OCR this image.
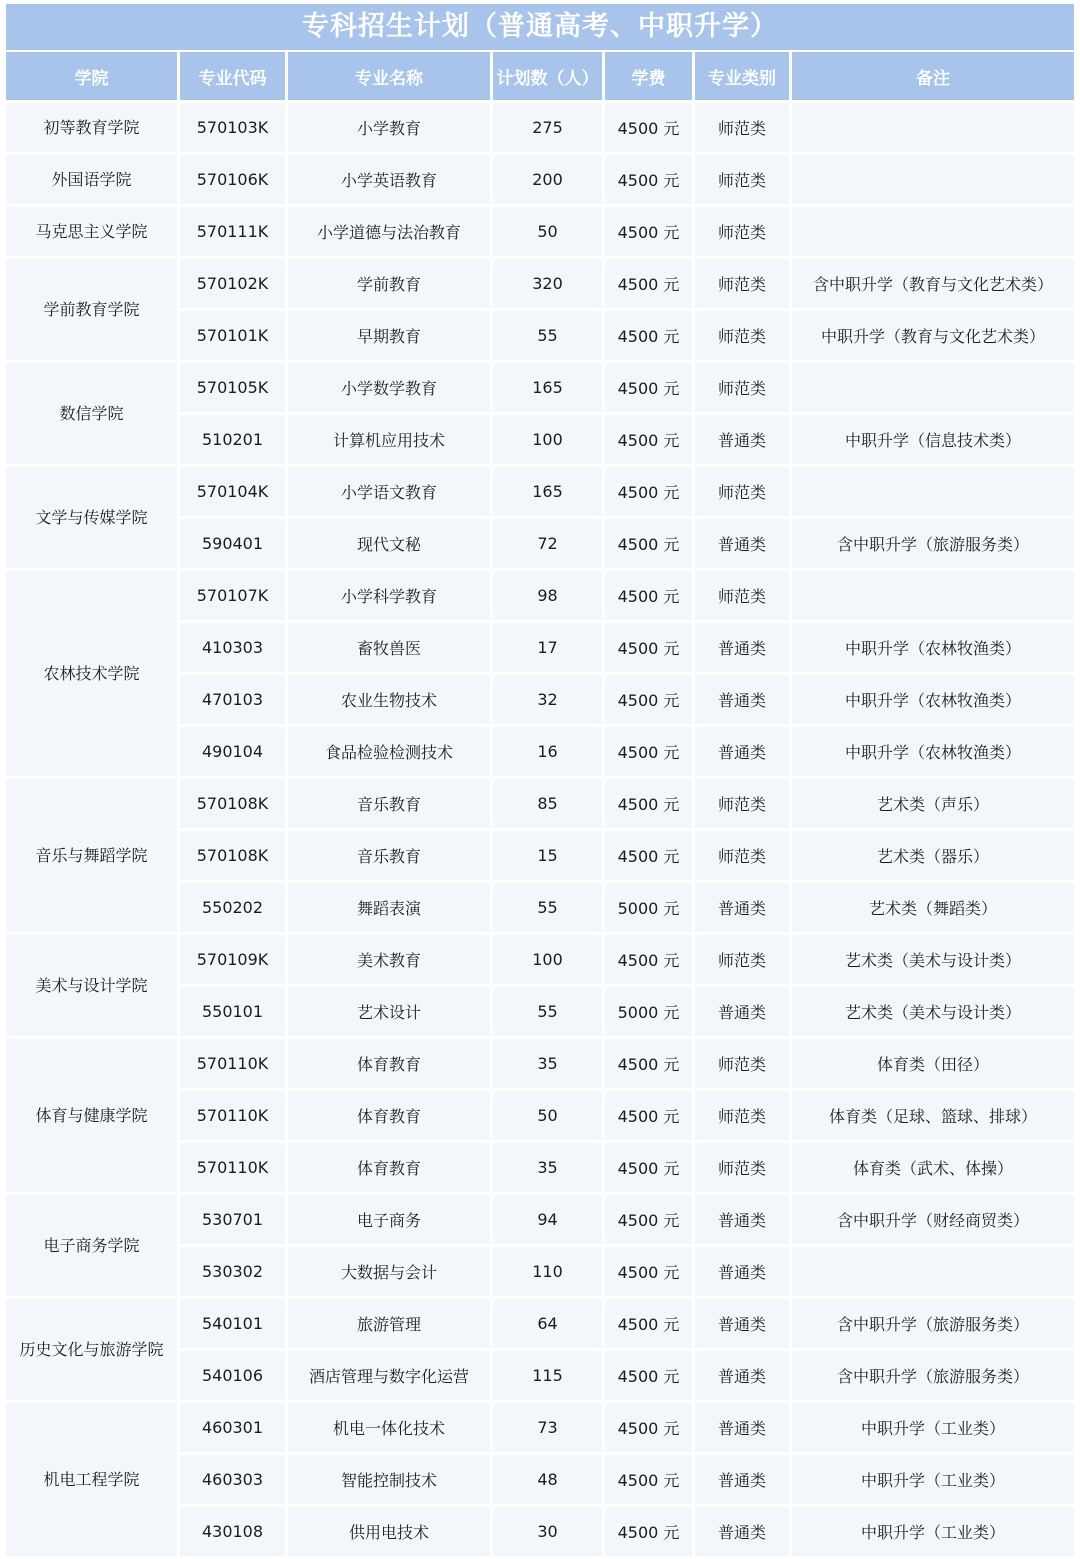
专科招生计划（普通高考、中职升学）
学院	专业代码	专业名称	计划数（人）	学费	专业类别	备注
初等教育学院	570103K	小学教育	275	4500 元	师范类	
外国语学院	570106K	小学英语教育	200	4500 元	师范类	
马克思主义学院	570111K	小学道德与法治教育	50	4500 元	师范类	
学前教育学院	570102K	学前教育	320	4500 元	师范类	含中职升学（教育与文化艺术类）
	570101K	早期教育	55	4500 元	师范类	中职升学（教育与文化艺术类）
数信学院	570105K	小学数学教育	165	4500 元	师范类	
	510201	计算机应用技术	100	4500 元	普通类	中职升学（信息技术类）
文学与传媒学院	570104K	小学语文教育	165	4500 元	师范类	
	590401	现代文秘	72	4500 元	普通类	含中职升学（旅游服务类）
农林技术学院	570107K	小学科学教育	98	4500 元	师范类	
	410303	畜牧兽医	17	4500 元	普通类	中职升学（农林牧渔类）
	470103	农业生物技术	32	4500 元	普通类	中职升学（农林牧渔类）
	490104	食品检验检测技术	16	4500 元	普通类	中职升学（农林牧渔类）
音乐与舞蹈学院	570108K	音乐教育	85	4500 元	师范类	艺术类（声乐）
	570108K	音乐教育	15	4500 元	师范类	艺术类（器乐）
	550202	舞蹈表演	55	5000 元	普通类	艺术类（舞蹈类）
美术与设计学院	570109K	美术教育	100	4500 元	师范类	艺术类（美术与设计类）
	550101	艺术设计	55	5000 元	普通类	艺术类（美术与设计类）
体育与健康学院	570110K	体育教育	35	4500 元	师范类	体育类（田径）
	570110K	体育教育	50	4500 元	师范类	体育类（足球、篮球、排球）
	570110K	体育教育	35	4500 元	师范类	体育类（武术、体操）
电子商务学院	530701	电子商务	94	4500 元	普通类	含中职升学（财经商贸类）
	530302	大数据与会计	110	4500 元	普通类	
历史文化与旅游学院	540101	旅游管理	64	4500 元	普通类	含中职升学（旅游服务类）
	540106	酒店管理与数字化运营	115	4500 元	普通类	含中职升学（旅游服务类）
机电工程学院	460301	机电一体化技术	73	4500 元	普通类	中职升学（工业类）
	460303	智能控制技术	48	4500 元	普通类	中职升学（工业类）
	430108	供用电技术	30	4500 元	普通类	中职升学（工业类）
